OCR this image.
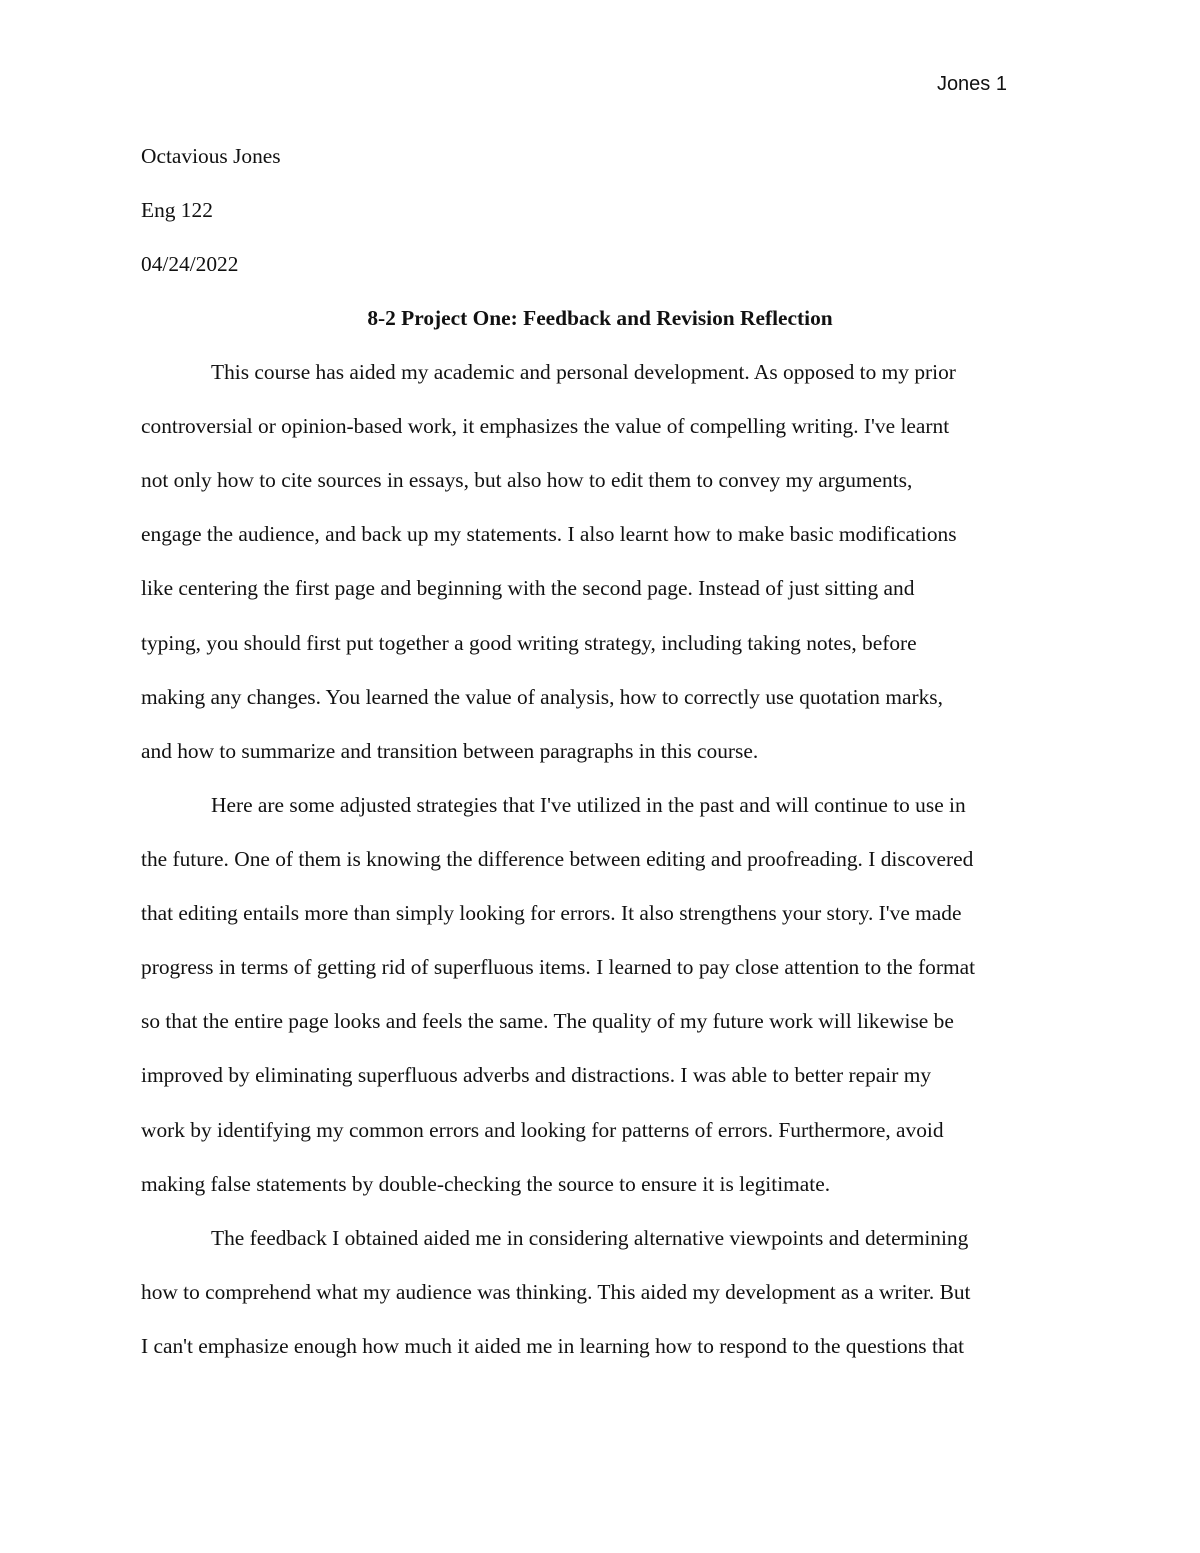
Jones 1
Octavious Jones
Eng 122
04/24/2022
8-2 Project One: Feedback and Revision Reflection
This course has aided my academic and personal development. As opposed to my prior
controversial or opinion-based work, it emphasizes the value of compelling writing. I've learnt
not only how to cite sources in essays, but also how to edit them to convey my arguments,
engage the audience, and back up my statements. I also learnt how to make basic modifications
like centering the first page and beginning with the second page. Instead of just sitting and
typing, you should first put together a good writing strategy, including taking notes, before
making any changes. You learned the value of analysis, how to correctly use quotation marks,
and how to summarize and transition between paragraphs in this course.
Here are some adjusted strategies that I've utilized in the past and will continue to use in
the future. One of them is knowing the difference between editing and proofreading. I discovered
that editing entails more than simply looking for errors. It also strengthens your story. I've made
progress in terms of getting rid of superfluous items. I learned to pay close attention to the format
so that the entire page looks and feels the same. The quality of my future work will likewise be
improved by eliminating superfluous adverbs and distractions. I was able to better repair my
work by identifying my common errors and looking for patterns of errors. Furthermore, avoid
making false statements by double-checking the source to ensure it is legitimate.
The feedback I obtained aided me in considering alternative viewpoints and determining
how to comprehend what my audience was thinking. This aided my development as a writer. But
I can't emphasize enough how much it aided me in learning how to respond to the questions that
